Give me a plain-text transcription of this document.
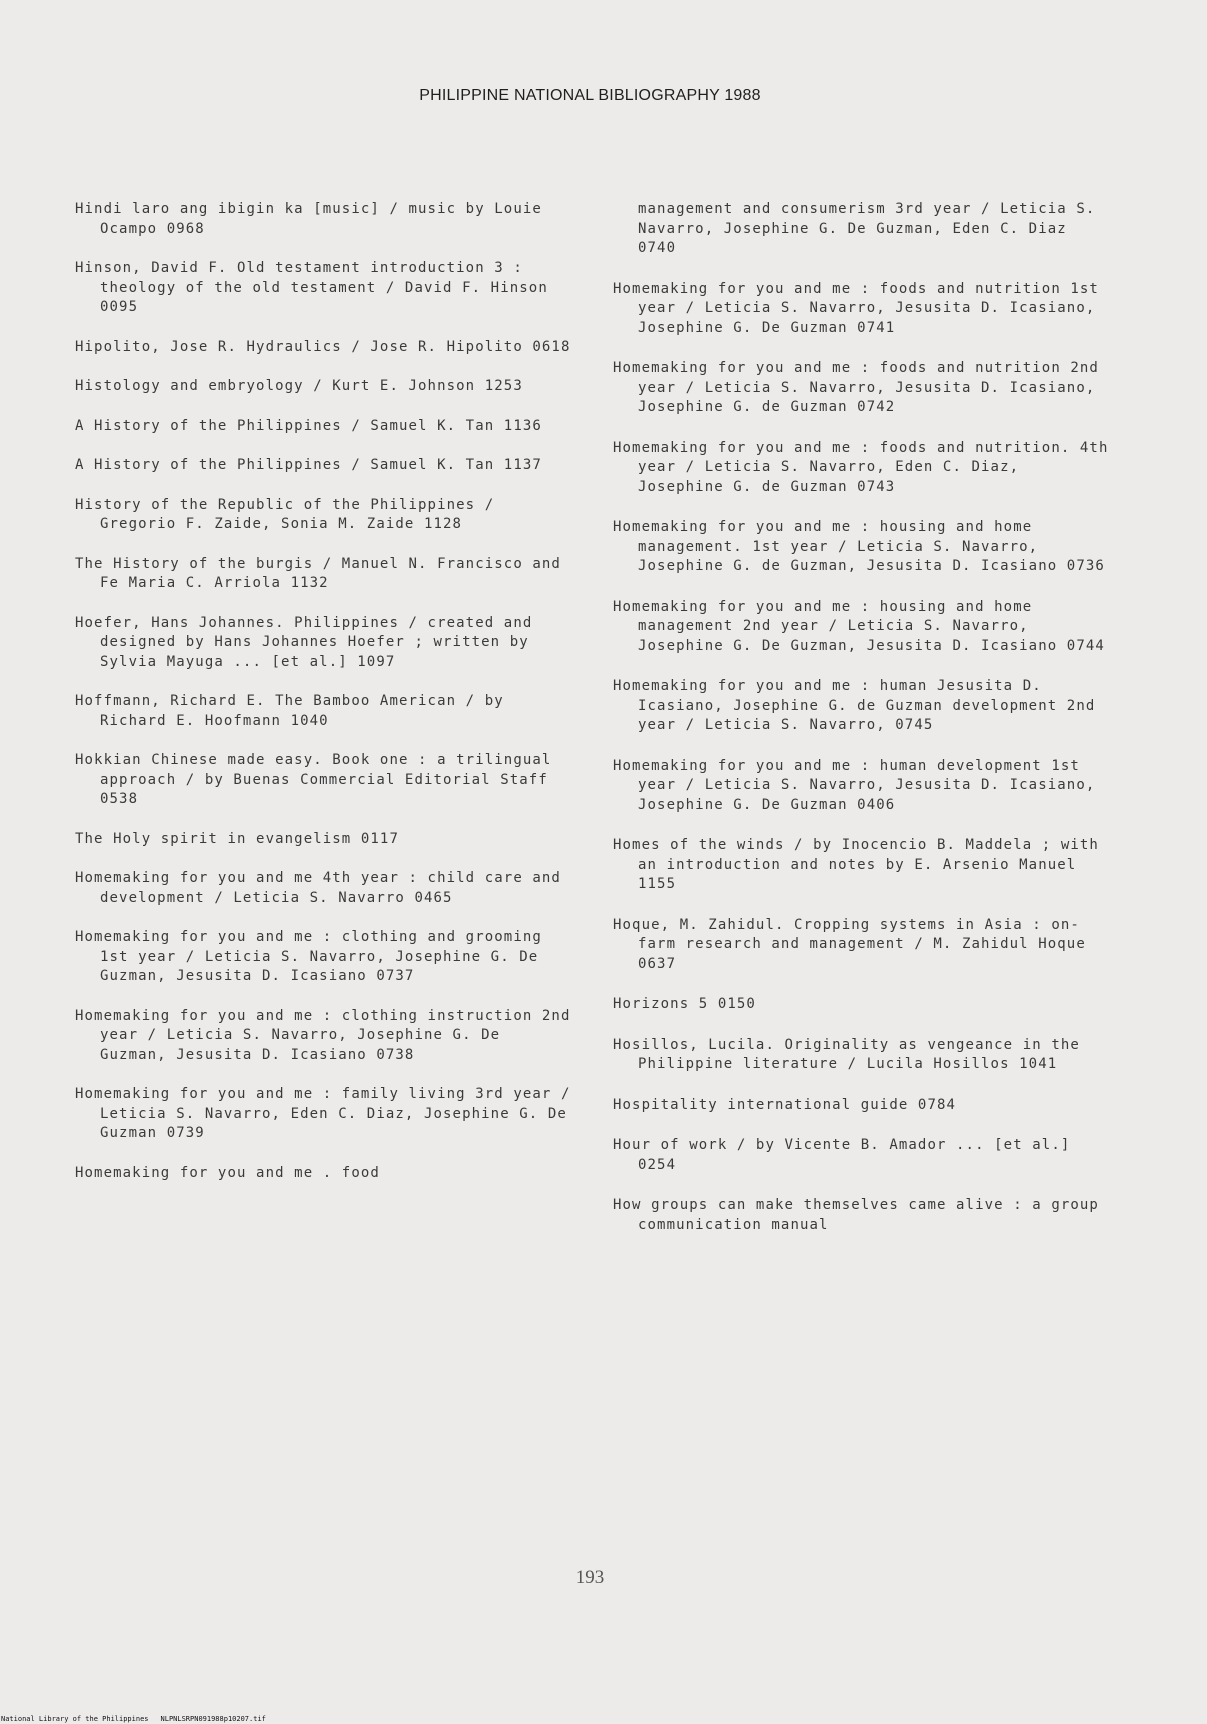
PHILIPPINE NATIONAL BIBLIOGRAPHY 1988
Hindi laro ang ibigin ka [music] / music by Louie Ocampo 0968
Hinson, David F. Old testament introduction 3 : theology of the old testament / David F. Hinson 0095
Hipolito, Jose R. Hydraulics / Jose R. Hipolito 0618
Histology and embryology / Kurt E. Johnson 1253
A History of the Philippines / Samuel K. Tan 1136
A History of the Philippines / Samuel K. Tan 1137
History of the Republic of the Philippines / Gregorio F. Zaide, Sonia M. Zaide 1128
The History of the burgis / Manuel N. Francisco and Fe Maria C. Arriola 1132
Hoefer, Hans Johannes. Philippines / created and designed by Hans Johannes Hoefer ; written by Sylvia Mayuga ... [et al.] 1097
Hoffmann, Richard E. The Bamboo American / by Richard E. Hoofmann 1040
Hokkian Chinese made easy. Book one : a trilingual approach / by Buenas Commercial Editorial Staff 0538
The Holy spirit in evangelism 0117
Homemaking for you and me 4th year : child care and development / Leticia S. Navarro 0465
Homemaking for you and me : clothing and grooming 1st year / Leticia S. Navarro, Josephine G. De Guzman, Jesusita D. Icasiano 0737
Homemaking for you and me : clothing instruction 2nd year / Leticia S. Navarro, Josephine G. De Guzman, Jesusita D. Icasiano 0738
Homemaking for you and me : family living 3rd year / Leticia S. Navarro, Eden C. Diaz, Josephine G. De Guzman 0739
Homemaking for you and me . food
management and consumerism 3rd year / Leticia S. Navarro, Josephine G. De Guzman, Eden C. Diaz 0740
Homemaking for you and me : foods and nutrition 1st year / Leticia S. Navarro, Jesusita D. Icasiano, Josephine G. De Guzman 0741
Homemaking for you and me : foods and nutrition 2nd year / Leticia S. Navarro, Jesusita D. Icasiano, Josephine G. de Guzman 0742
Homemaking for you and me : foods and nutrition. 4th year / Leticia S. Navarro, Eden C. Diaz, Josephine G. de Guzman 0743
Homemaking for you and me : housing and home management. 1st year / Leticia S. Navarro, Josephine G. de Guzman, Jesusita D. Icasiano 0736
Homemaking for you and me : housing and home management 2nd year / Leticia S. Navarro, Josephine G. De Guzman, Jesusita D. Icasiano 0744
Homemaking for you and me : human Jesusita D. Icasiano, Josephine G. de Guzman development 2nd year / Leticia S. Navarro, 0745
Homemaking for you and me : human development 1st year / Leticia S. Navarro, Jesusita D. Icasiano, Josephine G. De Guzman 0406
Homes of the winds / by Inocencio B. Maddela ; with an introduction and notes by E. Arsenio Manuel 1155
Hoque, M. Zahidul. Cropping systems in Asia : on-farm research and management / M. Zahidul Hoque 0637
Horizons 5 0150
Hosillos, Lucila. Originality as vengeance in the Philippine literature / Lucila Hosillos 1041
Hospitality international guide 0784
Hour of work / by Vicente B. Amador ... [et al.] 0254
How groups can make themselves came alive : a group communication manual
193
National Library of the Philippines NLPNLSRPN091988p10207.tif
